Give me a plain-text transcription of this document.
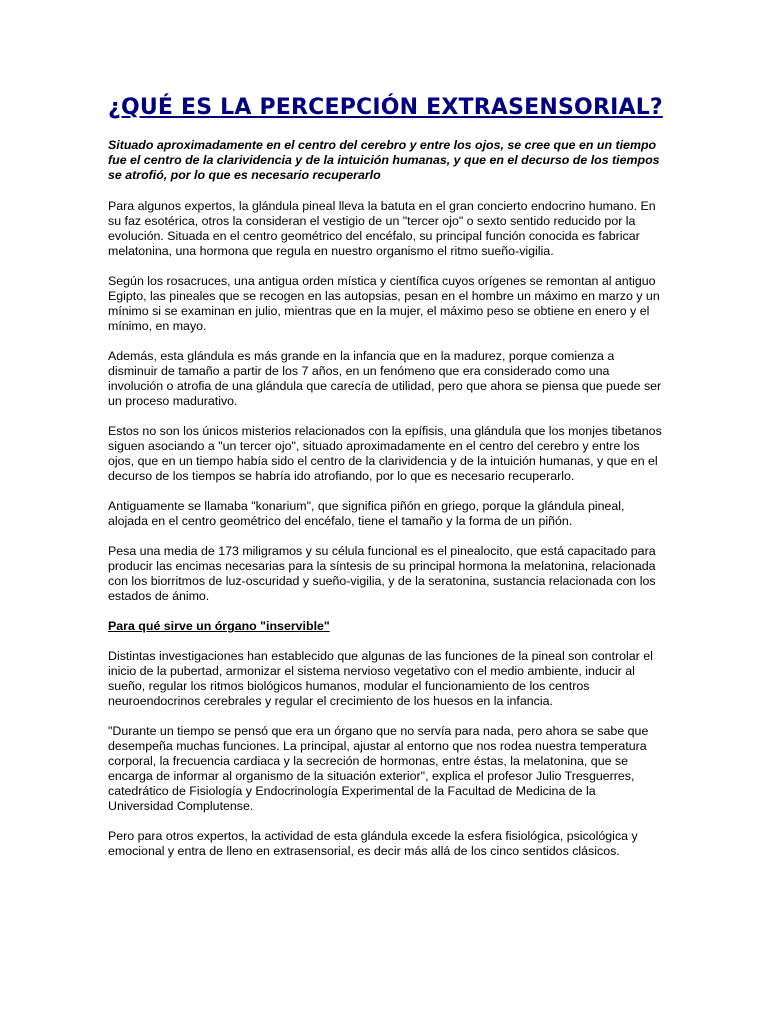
¿QUÉ ES LA PERCEPCIÓN EXTRASENSORIAL?

Situado aproximadamente en el centro del cerebro y entre los ojos, se cree que en un tiempo fue el centro de la clarividencia y de la intuición humanas, y que en el decurso de los tiempos se atrofió, por lo que es necesario recuperarlo

Para algunos expertos, la glándula pineal lleva la batuta en el gran concierto endocrino humano. En su faz esotérica, otros la consideran el vestigio de un "tercer ojo" o sexto sentido reducido por la evolución. Situada en el centro geométrico del encéfalo, su principal función conocida es fabricar melatonina, una hormona que regula en nuestro organismo el ritmo sueño-vigilia.

Según los rosacruces, una antigua orden mística y científica cuyos orígenes se remontan al antiguo Egipto, las pineales que se recogen en las autopsias, pesan en el hombre un máximo en marzo y un mínimo si se examinan en julio, mientras que en la mujer, el máximo peso se obtiene en enero y el mínimo, en mayo.

Además, esta glándula es más grande en la infancia que en la madurez, porque comienza a disminuir de tamaño a partir de los 7 años, en un fenómeno que era considerado como una involución o atrofia de una glándula que carecía de utilidad, pero que ahora se piensa que puede ser un proceso madurativo.

Estos no son los únicos misterios relacionados con la epífisis, una glándula que los monjes tibetanos siguen asociando a "un tercer ojo", situado aproximadamente en el centro del cerebro y entre los ojos, que en un tiempo había sido el centro de la clarividencia y de la intuición humanas, y que en el decurso de los tiempos se habría ido atrofiando, por lo que es necesario recuperarlo.

Antiguamente se llamaba "konarium", que significa piñón en griego, porque la glándula pineal, alojada en el centro geométrico del encéfalo, tiene el tamaño y la forma de un piñón.

Pesa una media de 173 miligramos y su célula funcional es el pinealocito, que está capacitado para producir las encimas necesarias para la síntesis de su principal hormona la melatonina, relacionada con los biorritmos de luz-oscuridad y sueño-vigilia, y de la seratonina, sustancia relacionada con los estados de ánimo.

Para qué sirve un órgano "inservible"

Distintas investigaciones han establecido que algunas de las funciones de la pineal son controlar el inicio de la pubertad, armonizar el sistema nervioso vegetativo con el medio ambiente, inducir al sueño, regular los ritmos biológicos humanos, modular el funcionamiento de los centros neuroendocrinos cerebrales y regular el crecimiento de los huesos en la infancia.

"Durante un tiempo se pensó que era un órgano que no servía para nada, pero ahora se sabe que desempeña muchas funciones. La principal, ajustar al entorno que nos rodea nuestra temperatura corporal, la frecuencia cardiaca y la secreción de hormonas, entre éstas, la melatonina, que se encarga de informar al organismo de la situación exterior", explica el profesor Julio Tresguerres, catedrático de Fisiología y Endocrinología Experimental de la Facultad de Medicina de la Universidad Complutense.

Pero para otros expertos, la actividad de esta glándula excede la esfera fisiológica, psicológica y emocional y entra de lleno en extrasensorial, es decir más allá de los cinco sentidos clásicos.
